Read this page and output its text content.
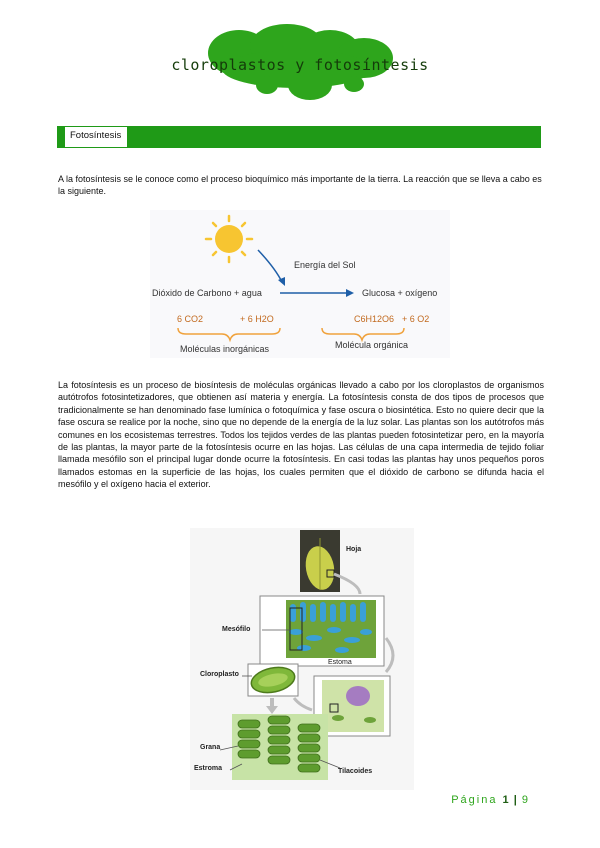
cloroplastos y fotosíntesis
Fotosíntesis
A la fotosíntesis se le conoce como el proceso bioquímico más importante de la tierra. La reacción que se lleva a cabo es la siguiente.
Energía del Sol
Dióxido de Carbono + agua	Glucosa + oxígeno
6 CO2	+ 6 H2O	C6H12O6 + 6 O2
Moléculas inorgánicas	Molécula orgánica
La fotosíntesis es un proceso de biosíntesis de moléculas orgánicas llevado a cabo por los cloroplastos de organismos autótrofos fotosintetizadores, que obtienen así materia y energía. La fotosíntesis consta de dos tipos de procesos que tradicionalmente se han denominado fase lumínica o fotoquímica y fase oscura o biosintética. Esto no quiere decir que la fase oscura se realice por la noche, sino que no depende de la energía de la luz solar. Las plantas son los autótrofos más comunes en los ecosistemas terrestres. Todos los tejidos verdes de las plantas pueden fotosintetizar pero, en la mayoría de las plantas, la mayor parte de la fotosíntesis ocurre en las hojas. Las células de una capa intermedia de tejido foliar llamada mesófilo son el principal lugar donde ocurre la fotosíntesis. En casi todas las plantas hay unos pequeños poros llamados estomas en la superficie de las hojas, los cuales permiten que el dióxido de carbono se difunda hacia el mesófilo y el oxígeno hacia el exterior.
Hoja
Mesófilo
Estoma
Cloroplasto
Grana
Estroma	Tilacoides
Página 1 | 9
